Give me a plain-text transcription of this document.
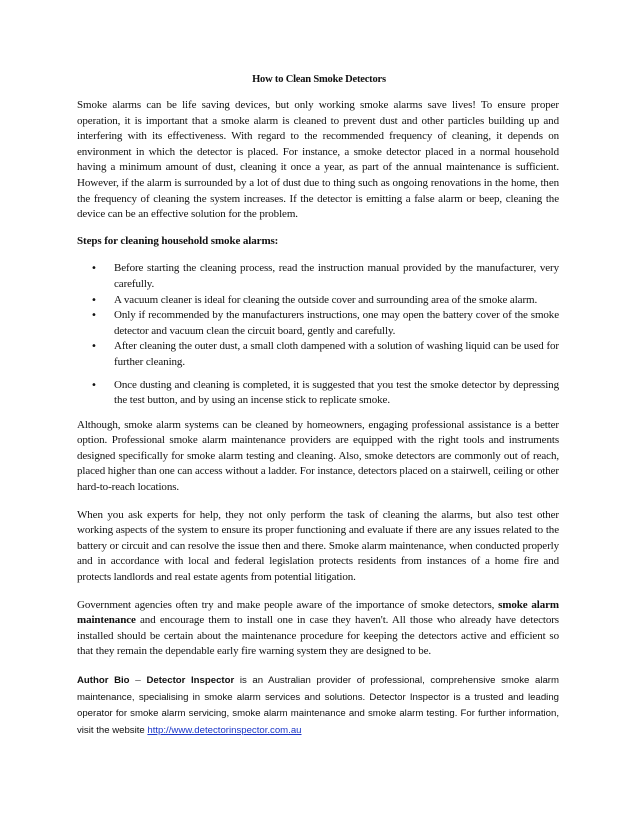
How to Clean Smoke Detectors

Smoke alarms can be life saving devices, but only working smoke alarms save lives! To ensure proper operation, it is important that a smoke alarm is cleaned to prevent dust and other particles building up and interfering with its effectiveness. With regard to the recommended frequency of cleaning, it depends on environment in which the detector is placed. For instance, a smoke detector placed in a normal household having a minimum amount of dust, cleaning it once a year, as part of the annual maintenance is sufficient. However, if the alarm is surrounded by a lot of dust due to thing such as ongoing renovations in the home, then the frequency of cleaning the system increases. If the detector is emitting a false alarm or beep, cleaning the device can be an effective solution for the problem.

Steps for cleaning household smoke alarms:

• Before starting the cleaning process, read the instruction manual provided by the manufacturer, very carefully.
• A vacuum cleaner is ideal for cleaning the outside cover and surrounding area of the smoke alarm.
• Only if recommended by the manufacturers instructions, one may open the battery cover of the smoke detector and vacuum clean the circuit board, gently and carefully.
• After cleaning the outer dust, a small cloth dampened with a solution of washing liquid can be used for further cleaning.
• Once dusting and cleaning is completed, it is suggested that you test the smoke detector by depressing the test button, and by using an incense stick to replicate smoke.

Although, smoke alarm systems can be cleaned by homeowners, engaging professional assistance is a better option. Professional smoke alarm maintenance providers are equipped with the right tools and instruments designed specifically for smoke alarm testing and cleaning. Also, smoke detectors are commonly out of reach, placed higher than one can access without a ladder. For instance, detectors placed on a stairwell, ceiling or other hard-to-reach locations.

When you ask experts for help, they not only perform the task of cleaning the alarms, but also test other working aspects of the system to ensure its proper functioning and evaluate if there are any issues related to the battery or circuit and can resolve the issue then and there. Smoke alarm maintenance, when conducted properly and in accordance with local and federal legislation protects residents from instances of a home fire and protects landlords and real estate agents from potential litigation.

Government agencies often try and make people aware of the importance of smoke detectors, smoke alarm maintenance and encourage them to install one in case they haven't. All those who already have detectors installed should be certain about the maintenance procedure for keeping the detectors active and efficient so that they remain the dependable early fire warning system they are designed to be.

Author Bio – Detector Inspector is an Australian provider of professional, comprehensive smoke alarm maintenance, specialising in smoke alarm services and solutions. Detector Inspector is a trusted and leading operator for smoke alarm servicing, smoke alarm maintenance and smoke alarm testing. For further information, visit the website http://www.detectorinspector.com.au
